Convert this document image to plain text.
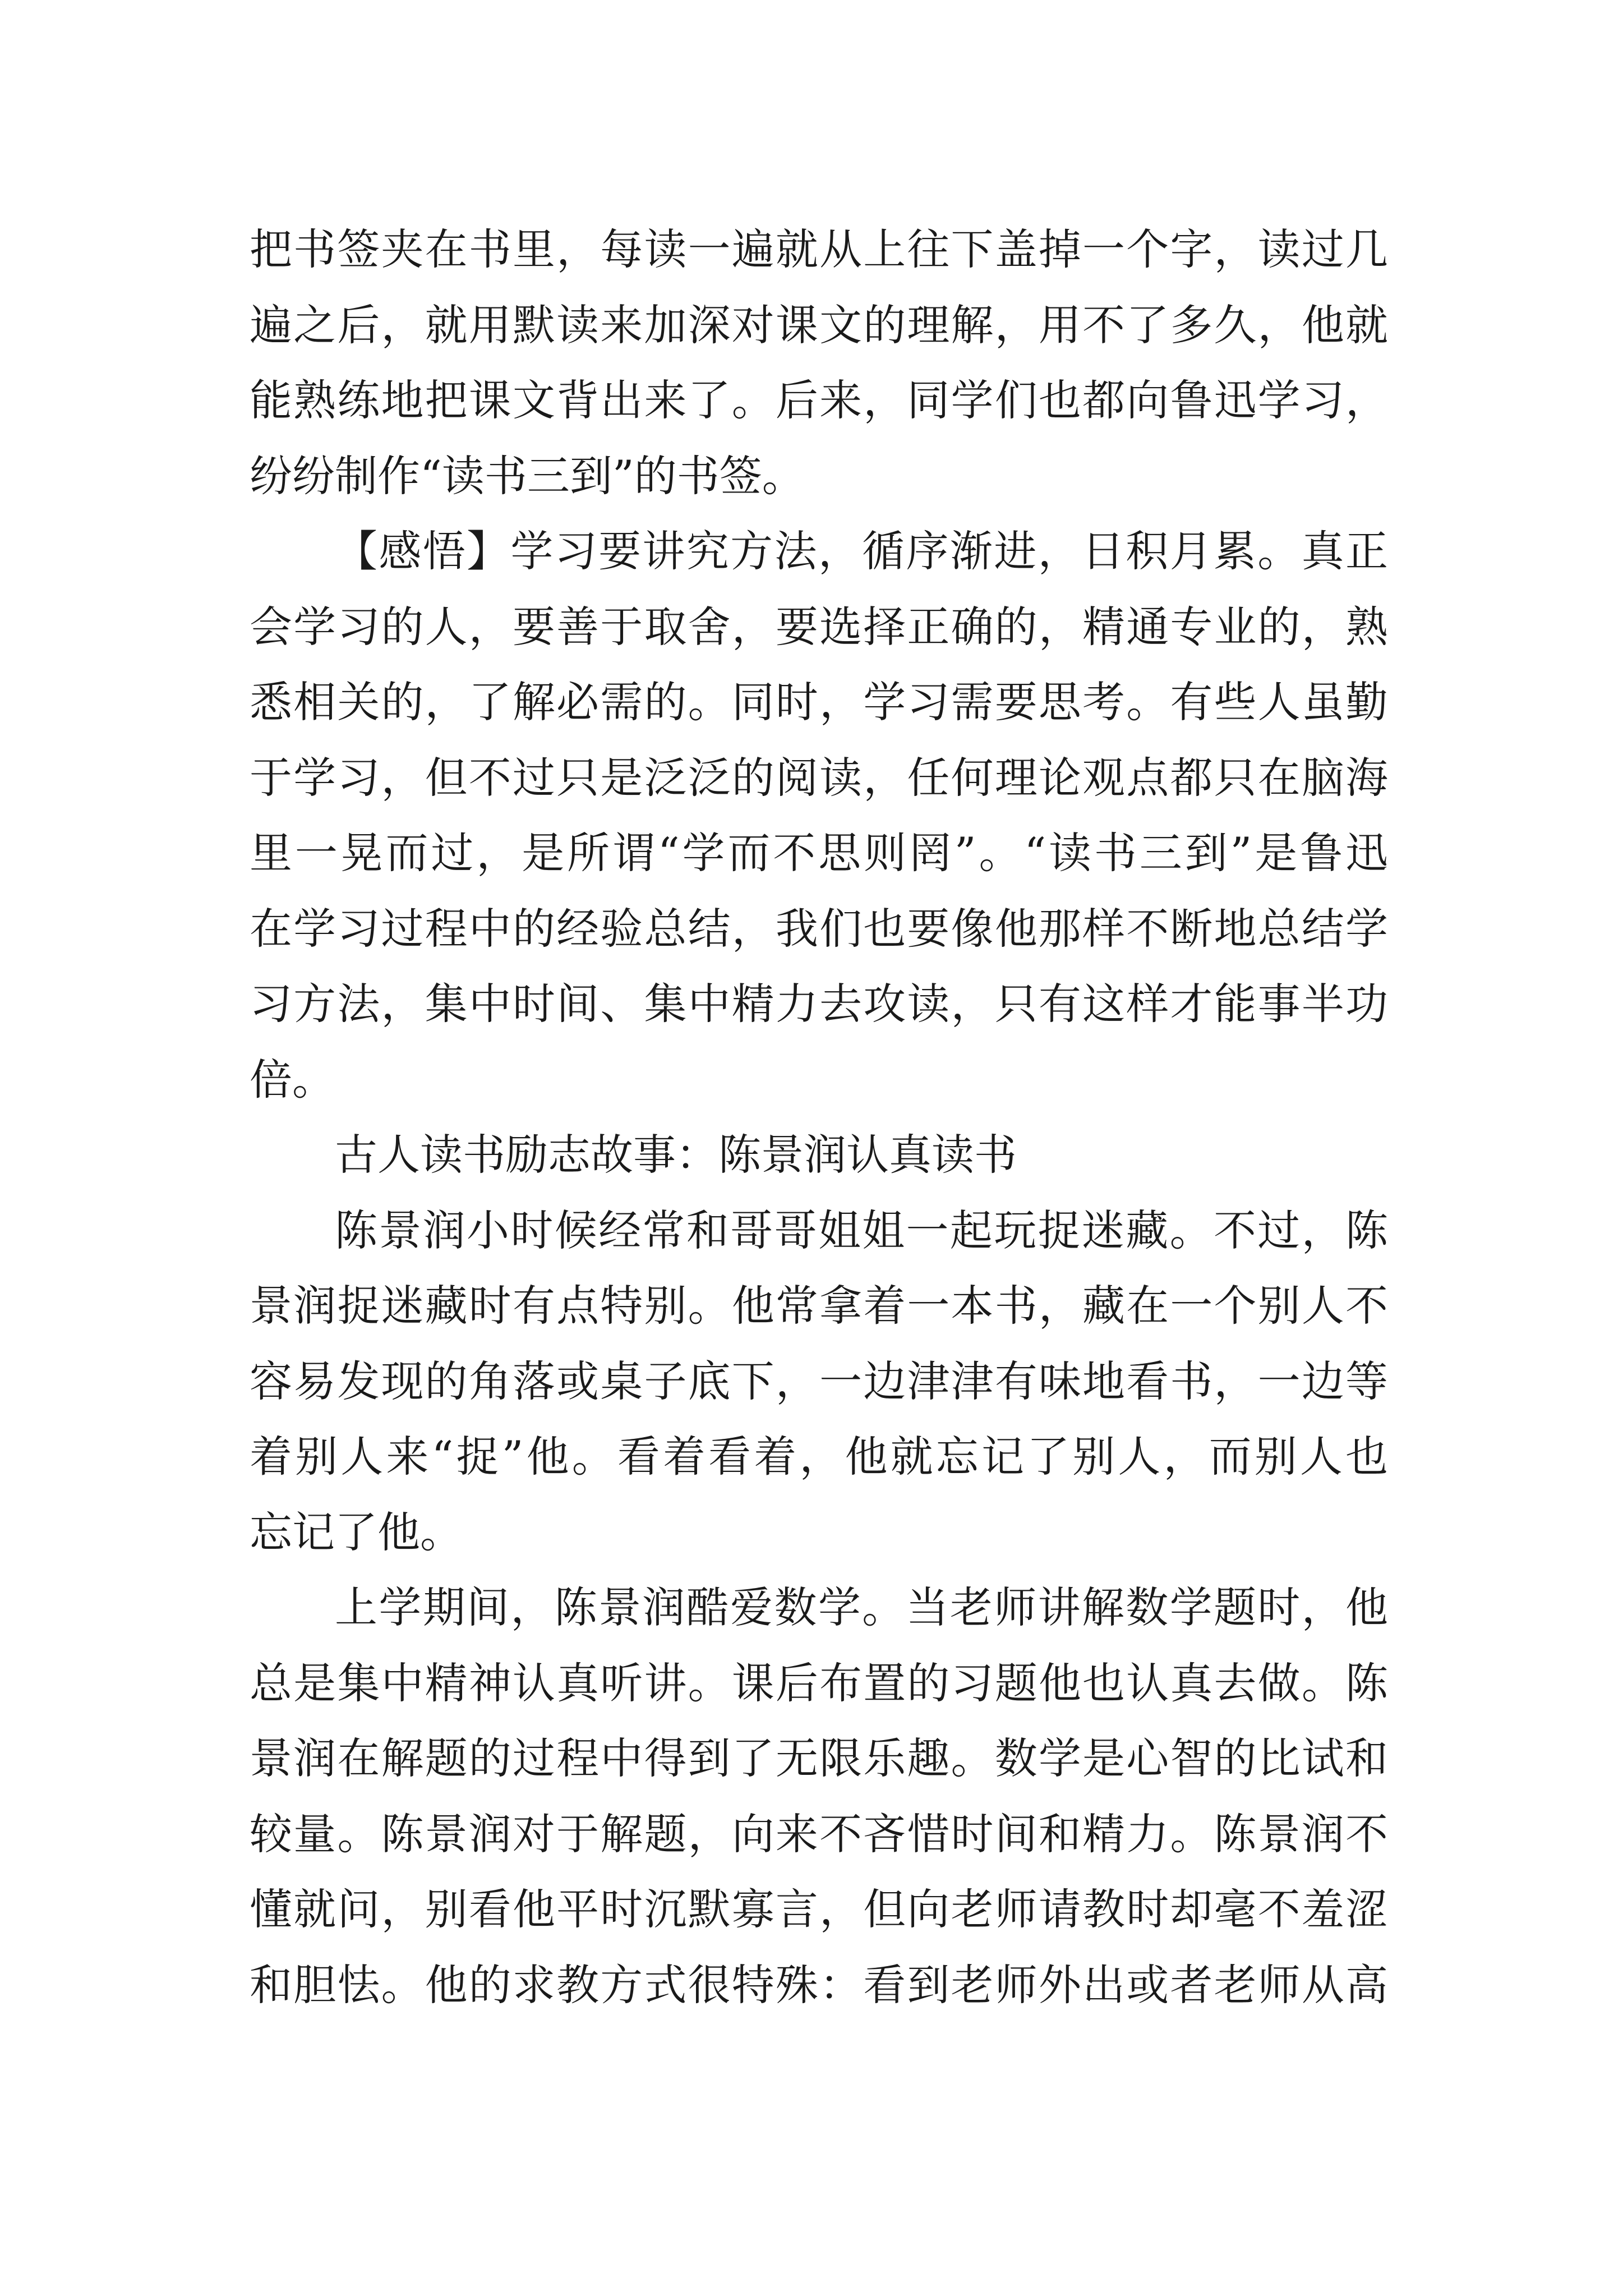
把书签夹在书里，每读一遍就从上往下盖掉一个字，读过几
遍之后，就用默读来加深对课文的理解，用不了多久，他就
能熟练地把课文背出来了。后来，同学们也都向鲁迅学习，
纷纷制作“读书三到”的书签。
【感悟】学习要讲究方法，循序渐进，日积月累。真正
会学习的人，要善于取舍，要选择正确的，精通专业的，熟
悉相关的，了解必需的。同时，学习需要思考。有些人虽勤
于学习，但不过只是泛泛的阅读，任何理论观点都只在脑海
里一晃而过，是所谓“学而不思则罔”。“读书三到”是鲁迅
在学习过程中的经验总结，我们也要像他那样不断地总结学
习方法，集中时间、集中精力去攻读，只有这样才能事半功
倍。
古人读书励志故事：陈景润认真读书
陈景润小时候经常和哥哥姐姐一起玩捉迷藏。不过，陈
景润捉迷藏时有点特别。他常拿着一本书，藏在一个别人不
容易发现的角落或桌子底下，一边津津有味地看书，一边等
着别人来“捉”他。看着看着，他就忘记了别人，而别人也
忘记了他。
上学期间，陈景润酷爱数学。当老师讲解数学题时，他
总是集中精神认真听讲。课后布置的习题他也认真去做。陈
景润在解题的过程中得到了无限乐趣。数学是心智的比试和
较量。陈景润对于解题，向来不吝惜时间和精力。陈景润不
懂就问，别看他平时沉默寡言，但向老师请教时却毫不羞涩
和胆怯。他的求教方式很特殊：看到老师外出或者老师从高
